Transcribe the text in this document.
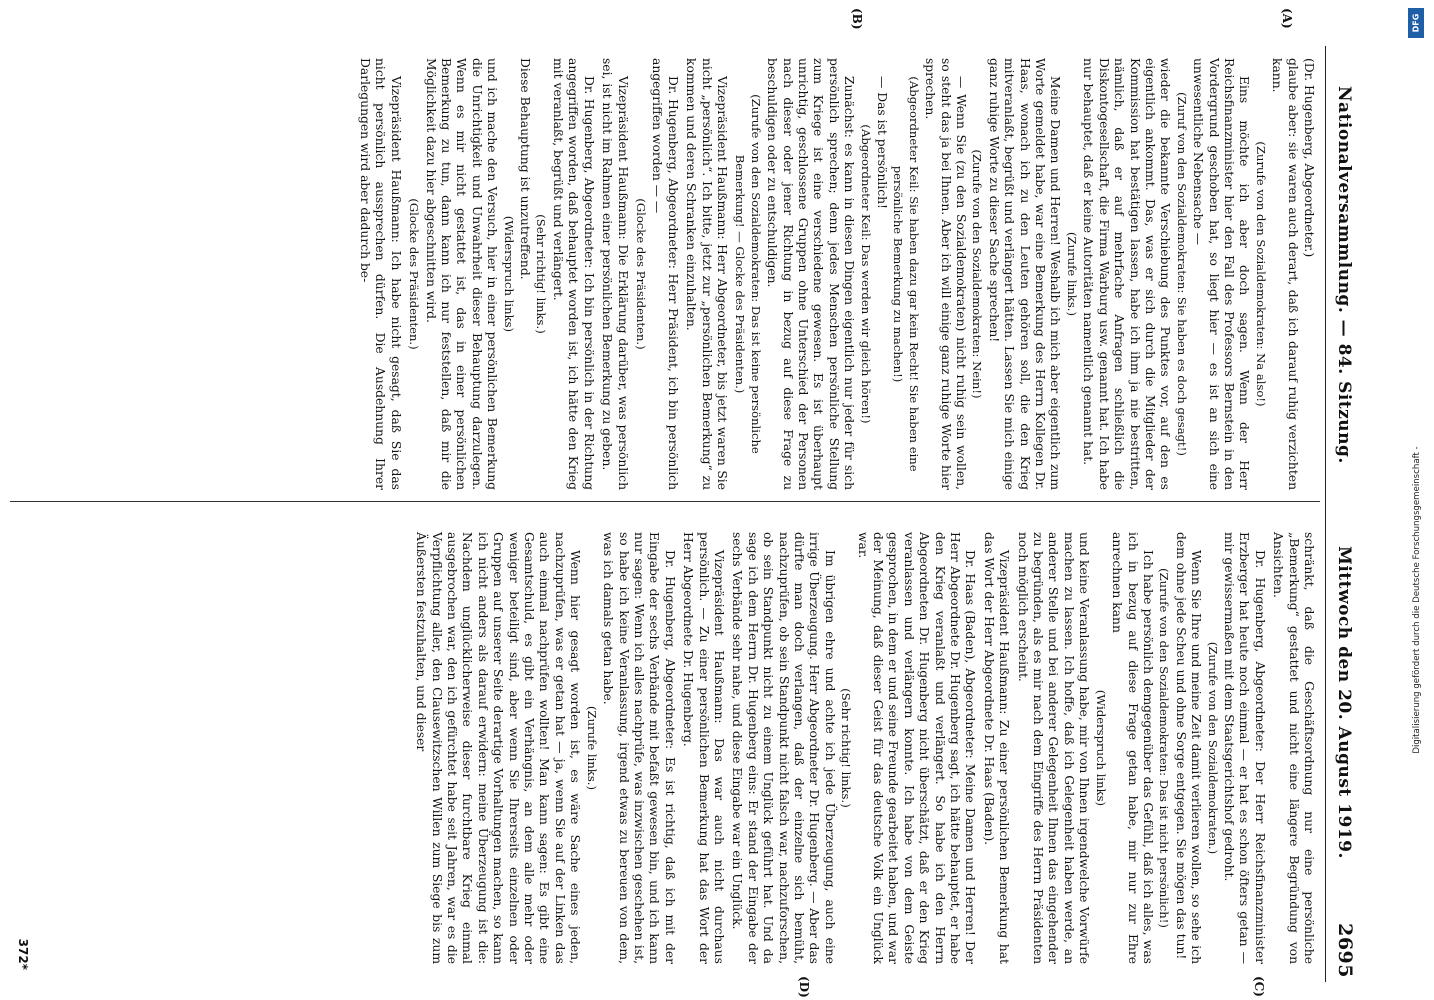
Nationalversammlung. — 84. Sitzung.
Mittwoch den 20. August 1919.
2695
(A)
(B)
(C)
(D)

(Dr. Hugenberg, Abgeordneter.)

glaube aber: sie waren auch derart, daß ich darauf ruhig verzichten kann.

(Zurufe von den Sozialdemokraten: Na also!)

Eins möchte ich aber doch sagen. Wenn der Herr Reichsfinanzminister hier den Fall des Professors Bernstein in den Vordergrund geschoben hat, so liegt hier — es ist an sich eine unwesentliche Nebensache —

(Zuruf von den Sozialdemokraten: Sie haben es doch gesagt!)

wieder die bekannte Verschiebung des Punktes vor, auf den es eigentlich ankommt. Das, was er sich durch die Mitglieder der Kommission hat bestätigen lassen, habe ich ihm ja nie bestritten, nämlich, daß er auf mehrfache Anfragen schließlich die Diskontogesellschaft, die Firma Warburg usw. genannt hat. Ich habe nur behauptet, daß er keine Autoritäten namentlich genannt hat.

(Zurufe links.)

Meine Damen und Herren! Weshalb ich mich aber eigentlich zum Worte gemeldet habe, war eine Bemerkung des Herrn Kollegen Dr. Haas, wonach ich zu den Leuten gehören soll, die den Krieg mitveranlaßt, begrüßt und verlängert hätten. Lassen Sie mich einige ganz ruhige Worte zu dieser Sache sprechen!

(Zurufe von den Sozialdemokraten: Nein!)

— Wenn Sie (zu den Sozialdemokraten) nicht ruhig sein wollen, so steht das ja bei Ihnen. Aber ich will einige ganz ruhige Worte hier sprechen.

(Abgeordneter Keil: Sie haben dazu gar kein Recht! Sie haben eine persönliche Bemerkung zu machen!)

— Das ist persönlich!

(Abgeordneter Keil: Das werden wir gleich hören!)

Zunächst: es kann in diesen Dingen eigentlich nur jeder für sich persönlich sprechen; denn jedes Menschen persönliche Stellung zum Kriege ist eine verschiedene gewesen. Es ist überhaupt unrichtig, geschlossene Gruppen ohne Unterschied der Personen nach dieser oder jener Richtung in bezug auf diese Frage zu beschuldigen oder zu entschuldigen.

(Zurufe von den Sozialdemokraten: Das ist keine persönliche Bemerkung! — Glocke des Präsidenten.)

Vizepräsident Haußmann: Herr Abgeordneter, bis jetzt waren Sie nicht „persönlich“. Ich bitte, jetzt zur „persönlichen Bemerkung“ zu kommen und deren Schranken einzuhalten.

Dr. Hugenberg, Abgeordneter: Herr Präsident, ich bin persönlich angegriffen worden — —

(Glocke des Präsidenten.)

Vizepräsident Haußmann: Die Erklärung darüber, was persönlich sei, ist nicht im Rahmen einer persönlichen Bemerkung zu geben.

Dr. Hugenberg, Abgeordneter: Ich bin persönlich in der Richtung angegriffen worden, daß behauptet worden ist, ich hätte den Krieg mit veranlaßt, begrüßt und verlängert.

(Sehr richtig! links.)

Diese Behauptung ist unzutreffend.

(Widerspruch links)

und ich mache den Versuch, hier in einer persönlichen Bemerkung die Unrichtigkeit und Unwahrheit dieser Behauptung darzulegen. Wenn es mir nicht gestattet ist, das in einer persönlichen Bemerkung zu tun, dann kann ich nur feststellen, daß mir die Möglichkeit dazu hier abgeschnitten wird.

(Glocke des Präsidenten.)

Vizepräsident Haußmann: Ich habe nicht gesagt, daß Sie das nicht persönlich aussprechen dürfen. Die Ausdehnung Ihrer Darlegungen wird aber dadurch be-

schränkt, daß die Geschäftsordnung nur eine persönliche „Bemerkung“ gestattet und nicht eine längere Begründung von Ansichten.

Dr. Hugenberg, Abgeordneter: Der Herr Reichsfinanzminister Erzberger hat heute noch einmal — er hat es schon öfters getan — mir gewissermaßen mit dem Staatsgerichtshof gedroht.

(Zurufe von den Sozialdemokraten.)

Wenn Sie Ihre und meine Zeit damit verlieren wollen, so sehe ich dem ohne jede Scheu und ohne Sorge entgegen. Sie mögen das tun!

(Zurufe von den Sozialdemokraten: Das ist nicht persönlich!)

Ich habe persönlich demgegenüber das Gefühl, daß ich alles, was ich in bezug auf diese Frage getan habe, mir nur zur Ehre anrechnen kann

(Widerspruch links)

und keine Veranlassung habe, mir von Ihnen irgendwelche Vorwürfe machen zu lassen. Ich hoffe, daß ich Gelegenheit haben werde, an anderer Stelle und bei anderer Gelegenheit Ihnen das eingehender zu begründen, als es mir nach dem Eingriffe des Herrn Präsidenten noch möglich erscheint.

Vizepräsident Haußmann: Zu einer persönlichen Bemerkung hat das Wort der Herr Abgeordnete Dr. Haas (Baden).

Dr. Haas (Baden), Abgeordneter: Meine Damen und Herren! Der Herr Abgeordnete Dr. Hugenberg sagt, ich hätte behauptet, er habe den Krieg veranlaßt und verlängert. So habe ich den Herrn Abgeordneten Dr. Hugenberg nicht überschätzt, daß er den Krieg veranlassen und verlängern konnte. Ich habe von dem Geiste gesprochen, in dem er und seine Freunde gearbeitet haben, und war der Meinung, daß dieser Geist für das deutsche Volk ein Unglück war.

(Sehr richtig! links.)

Im übrigen ehre und achte ich jede Überzeugung, auch eine irrige Überzeugung. Herr Abgeordneter Dr. Hugenberg. — Aber das dürfte man doch verlangen, daß der einzelne sich bemüht, nachzuprüfen, ob sein Standpunkt nicht falsch war, nachzuforschen, ob sein Standpunkt nicht zu einem Unglück geführt hat. Und da sage ich dem Herrn Dr. Hugenberg eins: Er stand der Eingabe der sechs Verbände sehr nahe, und diese Eingabe war ein Unglück.

Vizepräsident Haußmann: Das war auch nicht durchaus persönlich. — Zu einer persönlichen Bemerkung hat das Wort der Herr Abgeordnete Dr. Hugenberg.

Dr. Hugenberg, Abgeordneter: Es ist richtig, daß ich mit der Eingabe der sechs Verbände mit befaßt gewesen bin, und ich kann nur sagen: Wenn ich alles nachprüfe, was inzwischen geschehen ist, so habe ich keine Veranlassung, irgend etwas zu bereuen von dem, was ich damals getan habe.

(Zurufe links.)

Wenn hier gesagt worden ist, es wäre Sache eines jeden, nachzuprüfen, was er getan hat — ja, wenn Sie auf der Linken das auch einmal nachprüfen wollten! Man kann sagen: Es gibt eine Gesamtschuld, es gibt ein Verhängnis, an dem alle mehr oder weniger beteiligt sind, aber wenn Sie Ihrerseits einzelnen oder Gruppen auf unserer Seite derartige Vorhaltungen machen, so kann ich nicht anders als darauf erwidern: meine Überzeugung ist die: Nachdem unglücklicherweise dieser furchtbare Krieg einmal ausgebrochen war, den ich gefürchtet habe seit Jahren, war es die Verpflichtung aller, den Clausewitzschen Willen zum Siege bis zum Äußersten festzuhalten, und dieser

372*
DFG
Digitalisierung gefördert durch die Deutsche Forschungsgemeinschaft -
